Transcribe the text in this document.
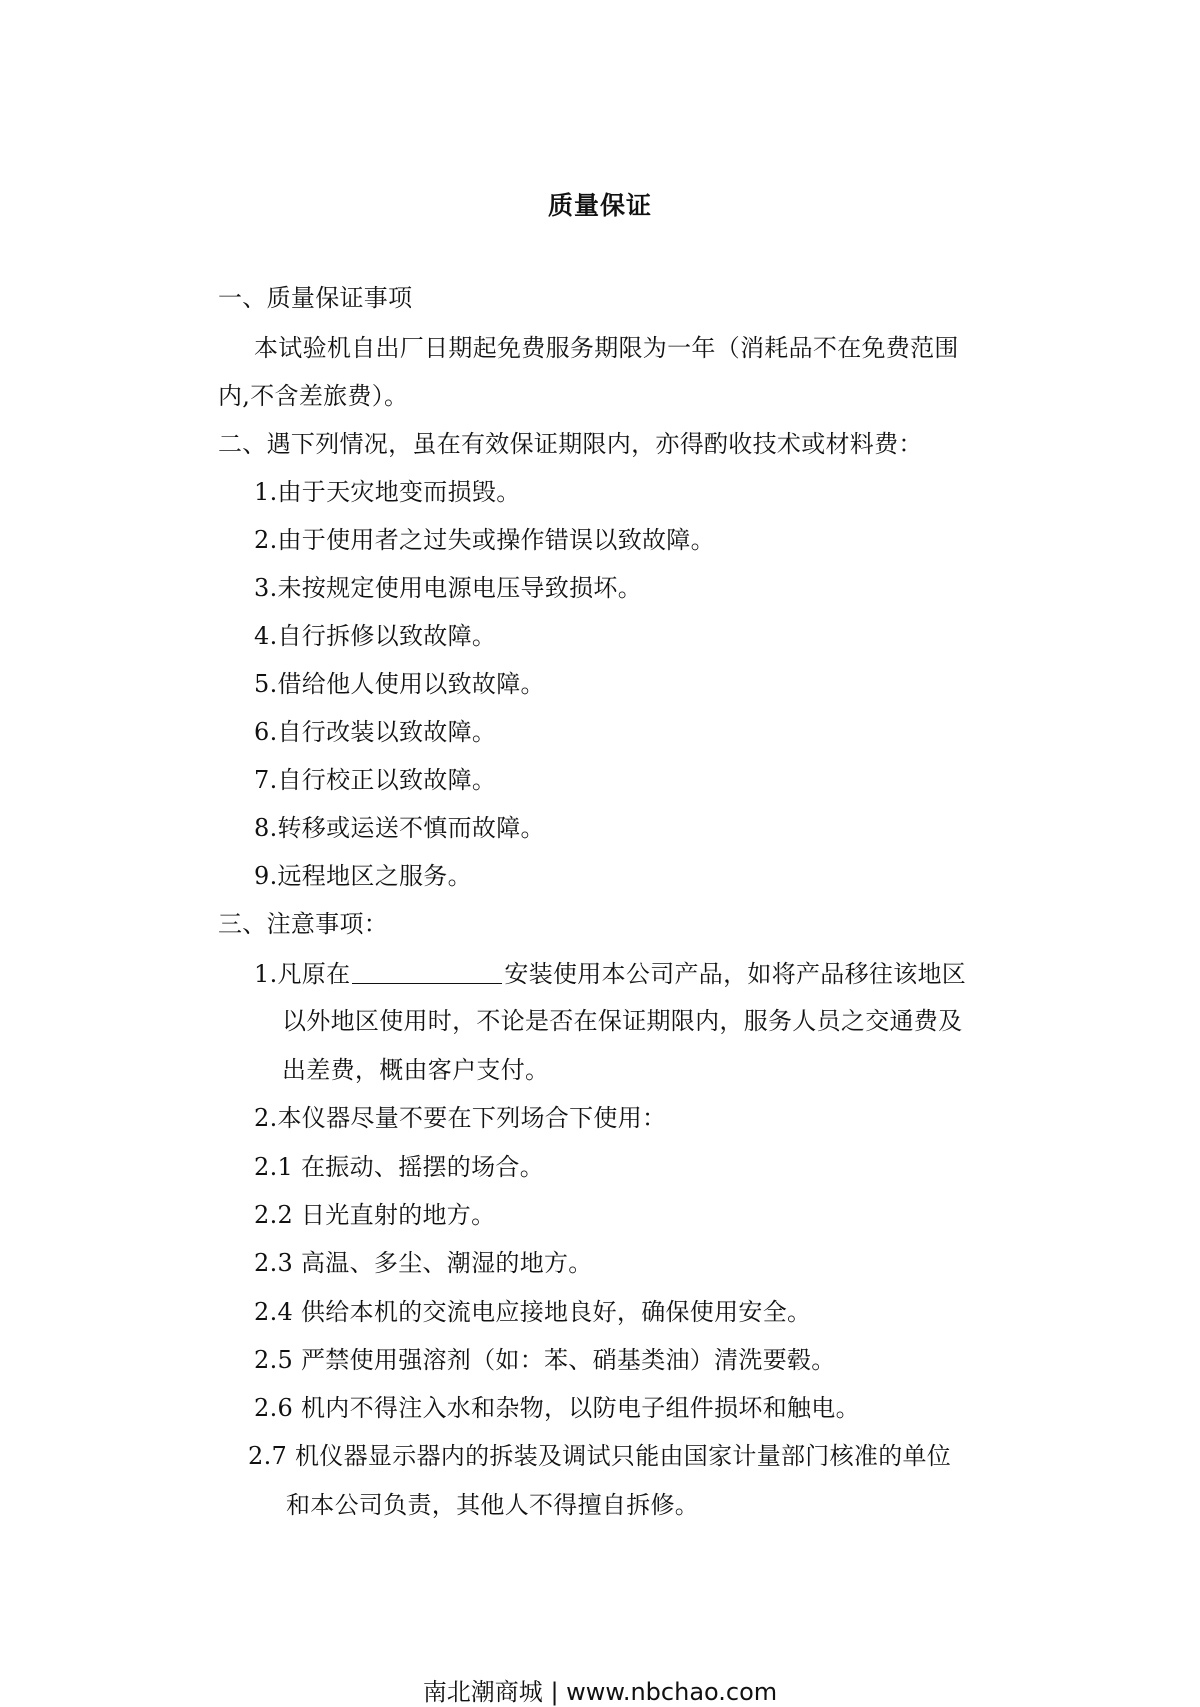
质量保证
一、质量保证事项
本试验机自出厂日期起免费服务期限为一年（消耗品不在免费范围
内,不含差旅费）。
二、遇下列情况，虽在有效保证期限内，亦得酌收技术或材料费：
1.由于天灾地变而损毁。
2.由于使用者之过失或操作错误以致故障。
3.未按规定使用电源电压导致损坏。
4.自行拆修以致故障。
5.借给他人使用以致故障。
6.自行改装以致故障。
7.自行校正以致故障。
8.转移或运送不慎而故障。
9.远程地区之服务。
三、注意事项：
1.凡原在	安装使用本公司产品，如将产品移往该地区
以外地区使用时，不论是否在保证期限内，服务人员之交通费及
出差费，概由客户支付。
2.本仪器尽量不要在下列场合下使用：
2.1 在振动、摇摆的场合。
2.2 日光直射的地方。
2.3 高温、多尘、潮湿的地方。
2.4 供给本机的交流电应接地良好，确保使用安全。
2.5 严禁使用强溶剂（如：苯、硝基类油）清洗要毂。
2.6 机内不得注入水和杂物，以防电子组件损坏和触电。
2.7 机仪器显示器内的拆装及调试只能由国家计量部门核准的单位
和本公司负责，其他人不得擅自拆修。
南北潮商城 | www.nbchao.com
